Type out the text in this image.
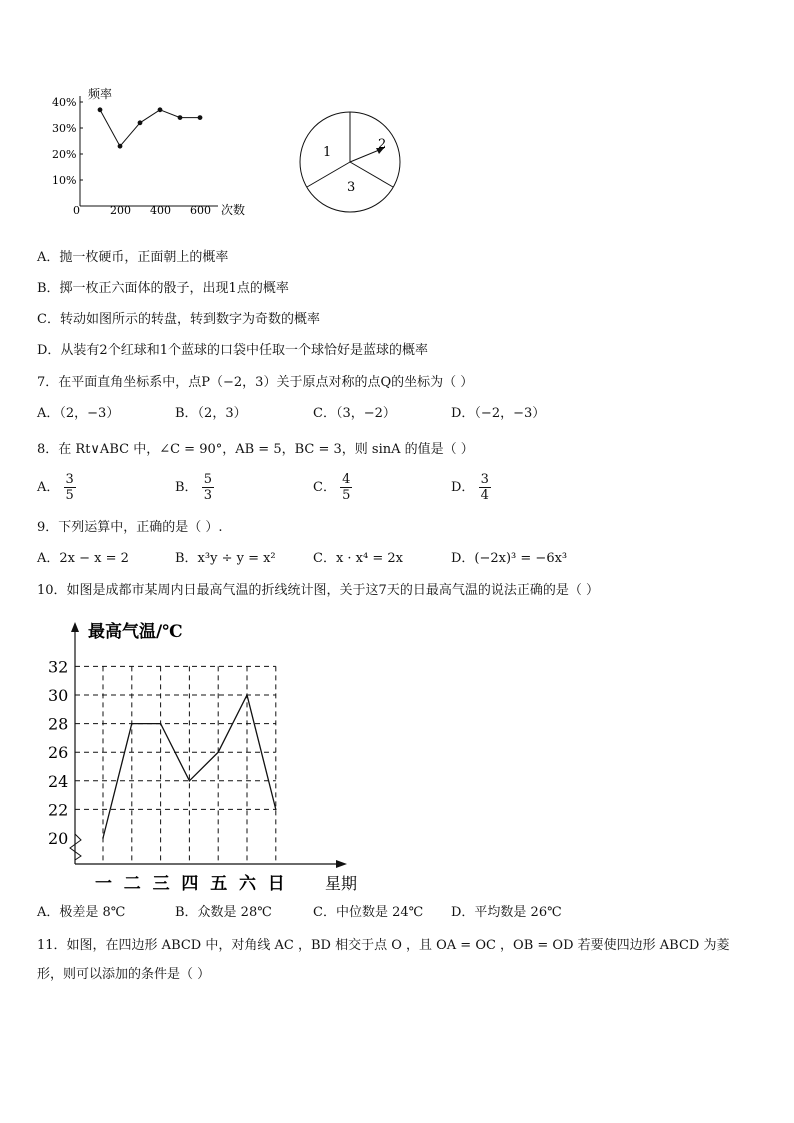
频率
次数
10%
20%
30%
40%
0	200 400 600
1
2
3
A．抛一枚硬币，正面朝上的概率
B．掷一枚正六面体的骰子，出现1点的概率
C．转动如图所示的转盘，转到数字为奇数的概率
D．从装有2个红球和1个蓝球的口袋中任取一个球恰好是蓝球的概率
7．在平面直角坐标系中，点P（−2，3）关于原点对称的点Q的坐标为（ ）
A．（2，−3）	B．（2，3）	C．（3，−2）	D．（−2，−3）
8．在 Rt∨ABC 中，∠C = 90°，AB = 5，BC = 3，则 sinA 的值是（ ）
A． $\frac{3}{5}$	B． $\frac{5}{3}$	C． $\frac{4}{5}$	D． $\frac{3}{4}$
9．下列运算中，正确的是（ ）.
A．2x − x = 2	B．x³y ÷ y = x²	C．x · x⁴ = 2x	D．(−2x)³ = −6x³
10．如图是成都市某周内日最高气温的折线统计图，关于这7天的日最高气温的说法正确的是（ ）
最高气温/℃
星期
20
22
24
26
28
30
32
一 二 三 四 五 六 日
A．极差是 8℃	B．众数是 28℃	C．中位数是 24℃ D．平均数是 26℃
11．如图，在四边形 ABCD 中，对角线 AC ，BD 相交于点 O ，且 OA = OC ，OB = OD 若要使四边形 ABCD 为菱
形，则可以添加的条件是（ ）
